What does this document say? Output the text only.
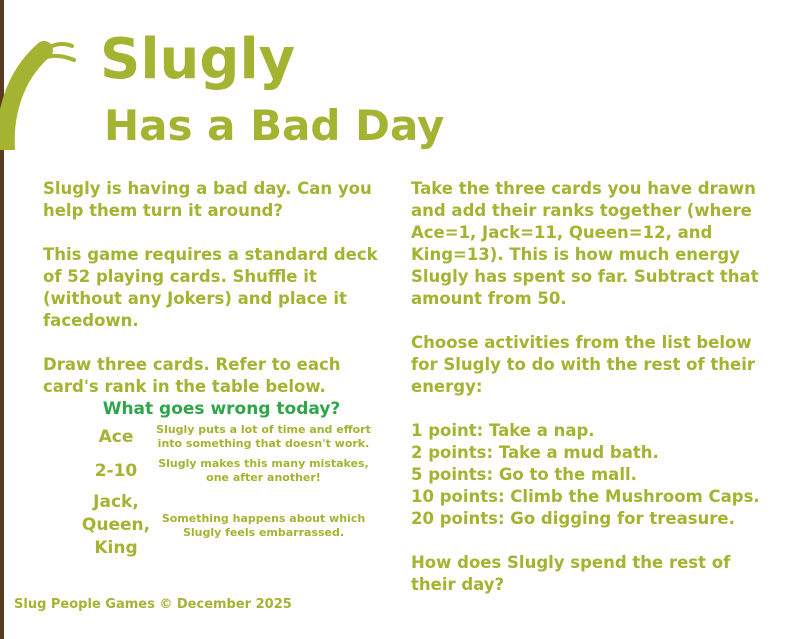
Slugly
Has a Bad Day

Slugly is having a bad day. Can you help them turn it around?

This game requires a standard deck of 52 playing cards. Shuffle it (without any Jokers) and place it facedown.

Draw three cards. Refer to each card's rank in the table below.

What goes wrong today?
Ace	Slugly puts a lot of time and effort into something that doesn't work.
2-10	Slugly makes this many mistakes, one after another!
Jack, Queen, King
Something happens about which Slugly feels embarrassed.

Take the three cards you have drawn and add their ranks together (where Ace=1, Jack=11, Queen=12, and King=13). This is how much energy Slugly has spent so far. Subtract that amount from 50.

Choose activities from the list below for Slugly to do with the rest of their energy:

1 point: Take a nap.
2 points: Take a mud bath.
5 points: Go to the mall.
10 points: Climb the Mushroom Caps.
20 points: Go digging for treasure.

How does Slugly spend the rest of their day?

Slug People Games © December 2025
